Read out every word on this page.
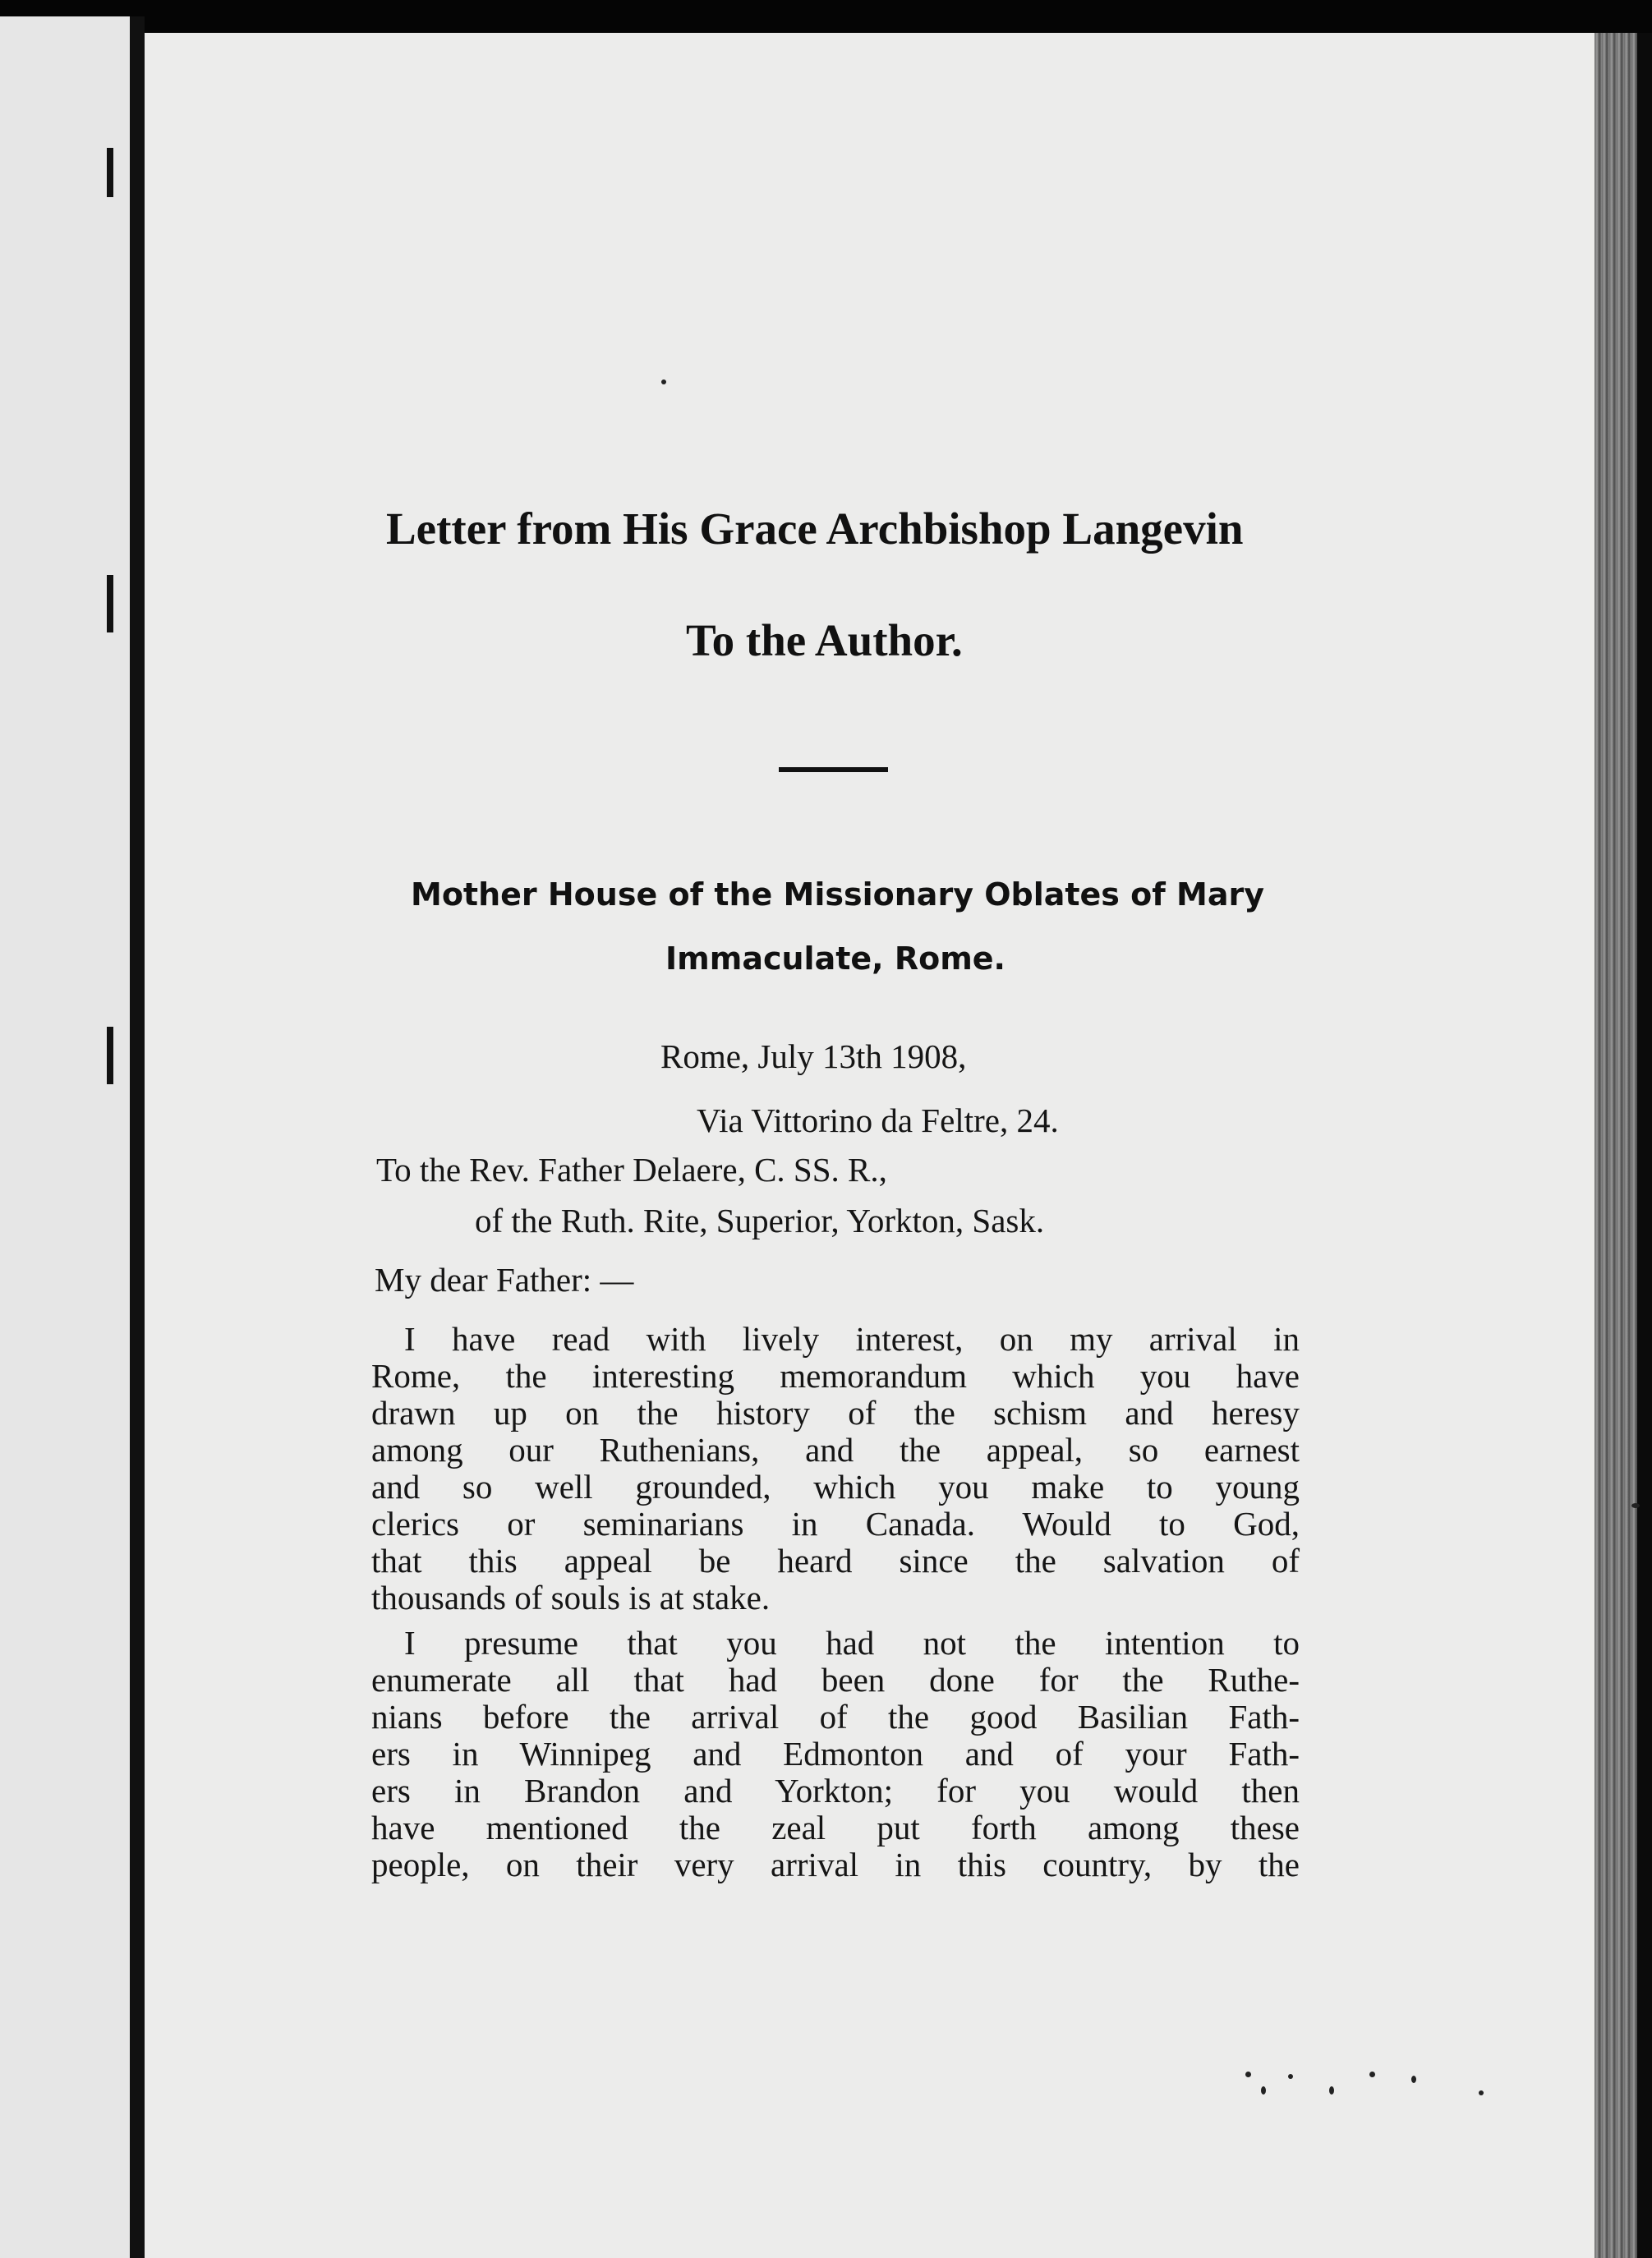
Letter from His Grace Archbishop Langevin
To the Author.
Mother House of the Missionary Oblates of Mary
Immaculate, Rome.
Rome, July 13th 1908,
Via Vittorino da Feltre, 24.
To the Rev. Father Delaere, C. SS. R.,
of the Ruth. Rite, Superior, Yorkton, Sask.
My dear Father: —
I have read with lively interest, on my arrival in
Rome, the interesting memorandum which you have
drawn up on the history of the schism and heresy
among our Ruthenians, and the appeal, so earnest
and so well grounded, which you make to young
clerics or seminarians in Canada. Would to God,
that this appeal be heard since the salvation of
thousands of souls is at stake.
I presume that you had not the intention to
enumerate all that had been done for the Ruthe-
nians before the arrival of the good Basilian Fath-
ers in Winnipeg and Edmonton and of your Fath-
ers in Brandon and Yorkton; for you would then
have mentioned the zeal put forth among these
people, on their very arrival in this country, by the
